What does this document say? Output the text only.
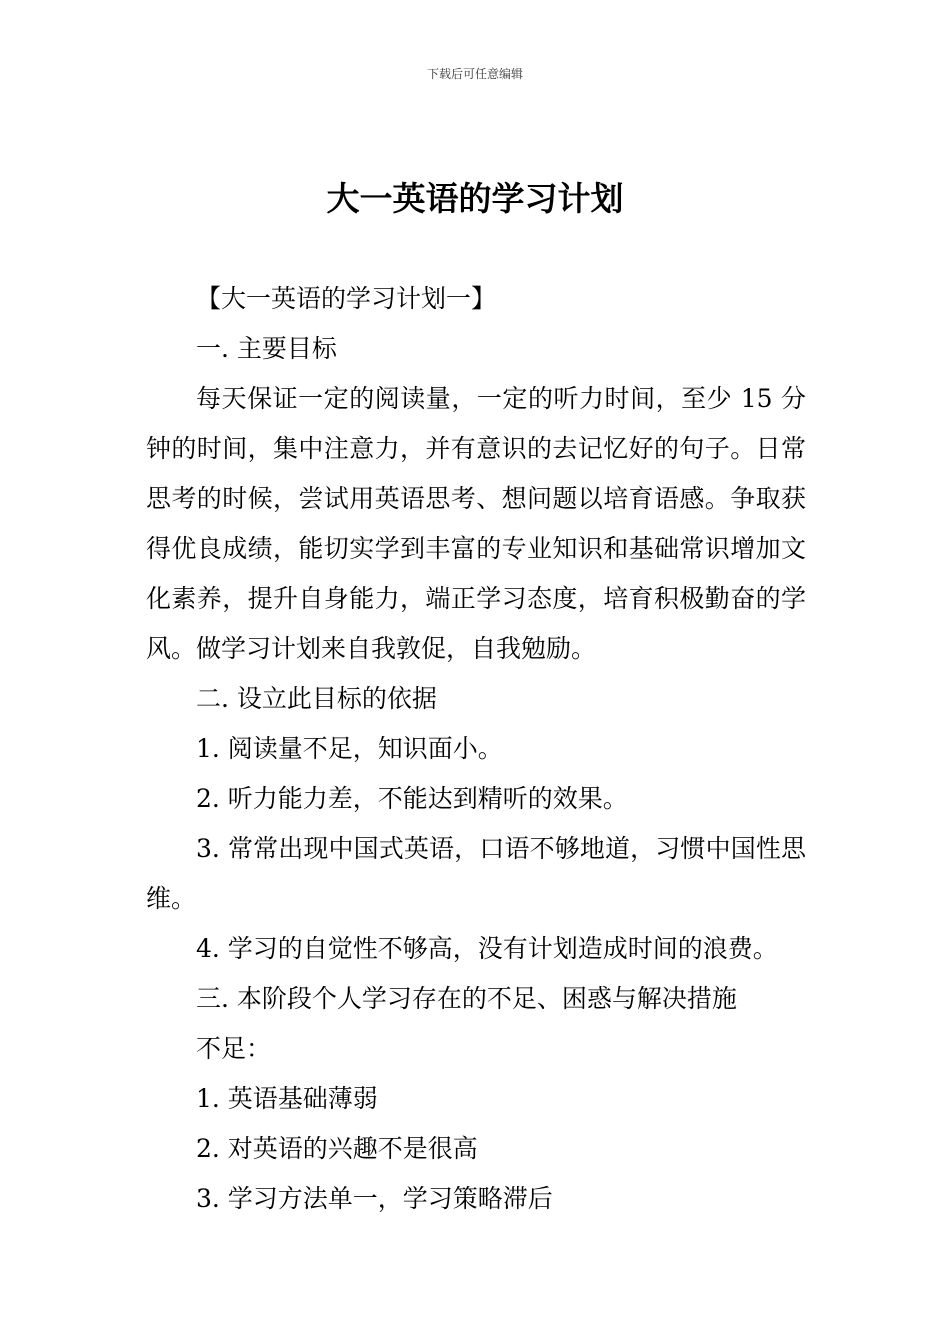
下载后可任意编辑
大一英语的学习计划

【大一英语的学习计划一】

一. 主要目标

每天保证一定的阅读量，一定的听力时间，至少 15 分钟的时间，集中注意力，并有意识的去记忆好的句子。日常思考的时候，尝试用英语思考、想问题以培育语感。争取获得优良成绩，能切实学到丰富的专业知识和基础常识增加文化素养，提升自身能力，端正学习态度，培育积极勤奋的学风。做学习计划来自我敦促，自我勉励。

二. 设立此目标的依据

1. 阅读量不足，知识面小。

2. 听力能力差，不能达到精听的效果。

3. 常常出现中国式英语，口语不够地道，习惯中国性思维。

4. 学习的自觉性不够高，没有计划造成时间的浪费。

三. 本阶段个人学习存在的不足、困惑与解决措施

不足：

1. 英语基础薄弱

2. 对英语的兴趣不是很高

3. 学习方法单一，学习策略滞后
